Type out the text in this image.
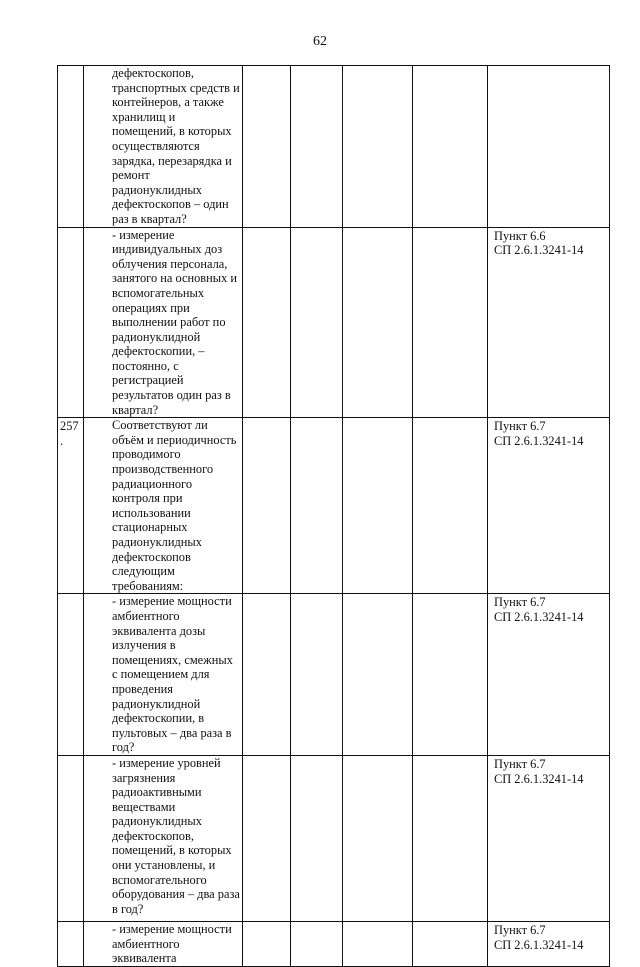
62
	дефектоскопов, транспортных средств и контейнеров, а также хранилищ и помещений, в которых осуществляются зарядка, перезарядка и ремонт радионуклидных дефектоскопов – один раз в квартал?					

	- измерение индивидуальных доз облучения персонала, занятого на основных и вспомогательных операциях при выполнении работ по радионуклидной дефектоскопии, – постоянно, с регистрацией результатов один раз в квартал?					Пункт 6.6
СП 2.6.1.3241-14

257.	Соответствуют ли объём и периодичность проводимого производственного радиационного контроля при использовании стационарных радионуклидных дефектоскопов следующим требованиям:					Пункт 6.7
СП 2.6.1.3241-14

	- измерение мощности амбиентного эквивалента дозы излучения в помещениях, смежных с помещением для проведения радионуклидной дефектоскопии, в пультовых – два раза в год?					Пункт 6.7
СП 2.6.1.3241-14

	- измерение уровней загрязнения радиоактивными веществами радионуклидных дефектоскопов, помещений, в которых они установлены, и вспомогательного оборудования – два раза в год?					Пункт 6.7
СП 2.6.1.3241-14

	- измерение мощности амбиентного эквивалента					Пункт 6.7
СП 2.6.1.3241-14
